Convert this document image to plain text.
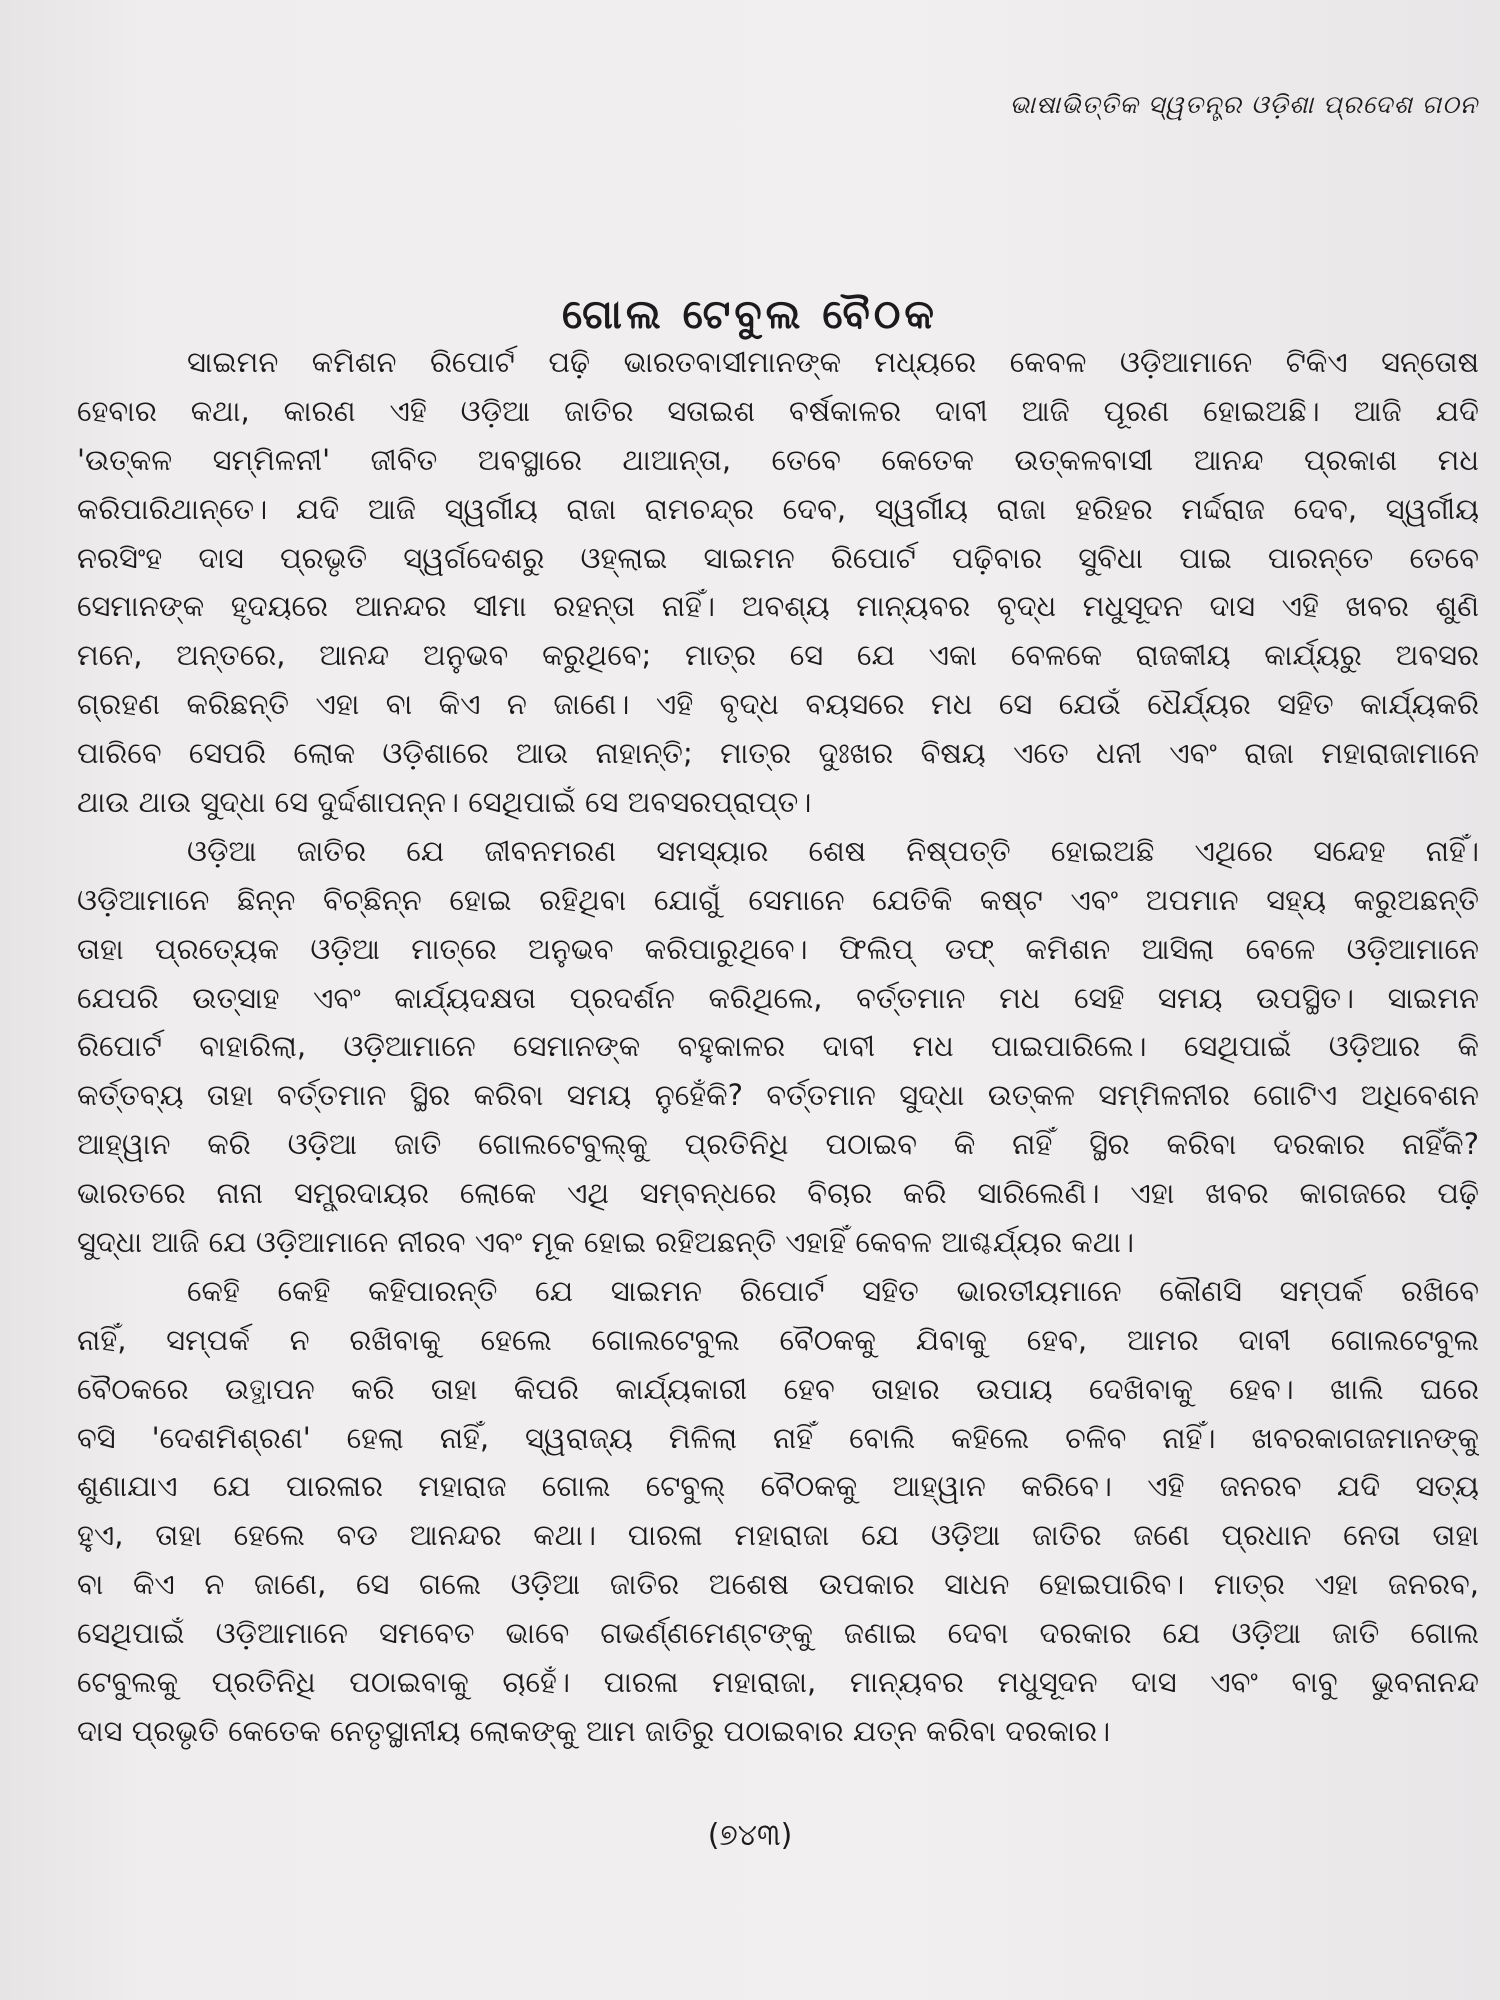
ଭାଷାଭିତ୍ତିକ ସ୍ୱତନ୍ତ୍ର ଓଡ଼ିଶା ପ୍ରଦେଶ ଗଠନ
ଗୋଲ ଟେବୁଲ ବୈଠକ
ସାଇମନ କମିଶନ ରିପୋର୍ଟ ପଢ଼ି ଭାରତବାସୀମାନଙ୍କ ମଧ୍ୟରେ କେବଳ ଓଡ଼ିଆମାନେ ଟିକିଏ ସନ୍ତୋଷ
ହେବାର କଥା, କାରଣ ଏହି ଓଡ଼ିଆ ଜାତିର ସତାଇଶ ବର୍ଷକାଳର ଦାବୀ ଆଜି ପୂରଣ ହୋଇଅଛି। ଆଜି ଯଦି
'ଉତ୍କଳ ସମ୍ମିଳନୀ' ଜୀବିତ ଅବସ୍ଥାରେ ଥାଆନ୍ତା, ତେବେ କେତେକ ଉତ୍କଳବାସୀ ଆନନ୍ଦ ପ୍ରକାଶ ମଧ
କରିପାରିଥାନ୍ତେ। ଯଦି ଆଜି ସ୍ୱର୍ଗୀୟ ରାଜା ରାମଚନ୍ଦ୍ର ଦେବ, ସ୍ୱର୍ଗୀୟ ରାଜା ହରିହର ମର୍ଦ୍ଦରାଜ ଦେବ, ସ୍ୱର୍ଗୀୟ
ନରସିଂହ ଦାସ ପ୍ରଭୃତି ସ୍ୱର୍ଗଦେଶରୁ ଓହ୍ଲାଇ ସାଇମନ ରିପୋର୍ଟ ପଢ଼ିବାର ସୁବିଧା ପାଇ ପାରନ୍ତେ ତେବେ
ସେମାନଙ୍କ ହୃଦୟରେ ଆନନ୍ଦର ସୀମା ରହନ୍ତା ନାହିଁ। ଅବଶ୍ୟ ମାନ୍ୟବର ବୃଦ୍ଧ ମଧୁସୂଦନ ଦାସ ଏହି ଖବର ଶୁଣି
ମନେ, ଅନ୍ତରେ, ଆନନ୍ଦ ଅନୁଭବ କରୁଥିବେ; ମାତ୍ର ସେ ଯେ ଏକା ବେଳକେ ରାଜକୀୟ କାର୍ଯ୍ୟରୁ ଅବସର
ଗ୍ରହଣ କରିଛନ୍ତି ଏହା ବା କିଏ ନ ଜାଣେ। ଏହି ବୃଦ୍ଧ ବୟସରେ ମଧ ସେ ଯେଉଁ ଧୈର୍ଯ୍ୟର ସହିତ କାର୍ଯ୍ୟକରି
ପାରିବେ ସେପରି ଲୋକ ଓଡ଼ିଶାରେ ଆଉ ନାହାନ୍ତି; ମାତ୍ର ଦୁଃଖର ବିଷୟ ଏତେ ଧନୀ ଏବଂ ରାଜା ମହାରାଜାମାନେ
ଥାଉ ଥାଉ ସୁଦ୍ଧା ସେ ଦୁର୍ଦ୍ଦଶାପନ୍ନ। ସେଥିପାଇଁ ସେ ଅବସରପ୍ରାପ୍ତ।
ଓଡ଼ିଆ ଜାତିର ଯେ ଜୀବନମରଣ ସମସ୍ୟାର ଶେଷ ନିଷ୍ପତ୍ତି ହୋଇଅଛି ଏଥିରେ ସନ୍ଦେହ ନାହିଁ।
ଓଡ଼ିଆମାନେ ଛିନ୍ନ ବିଚ୍ଛିନ୍ନ ହୋଇ ରହିଥିବା ଯୋଗୁଁ ସେମାନେ ଯେତିକି କଷ୍ଟ ଏବଂ ଅପମାନ ସହ୍ୟ କରୁଅଛନ୍ତି
ତାହା ପ୍ରତ୍ୟେକ ଓଡ଼ିଆ ମାତ୍ରେ ଅନୁଭବ କରିପାରୁଥିବେ। ଫିଲିପ୍ ଡଫ୍ କମିଶନ ଆସିଲା ବେଳେ ଓଡ଼ିଆମାନେ
ଯେପରି ଉତ୍ସାହ ଏବଂ କାର୍ଯ୍ୟଦକ୍ଷତା ପ୍ରଦର୍ଶନ କରିଥିଲେ, ବର୍ତ୍ତମାନ ମଧ ସେହି ସମୟ ଉପସ୍ଥିତ। ସାଇମନ
ରିପୋର୍ଟ ବାହାରିଲା, ଓଡ଼ିଆମାନେ ସେମାନଙ୍କ ବହୁକାଳର ଦାବୀ ମଧ ପାଇପାରିଲେ। ସେଥିପାଇଁ ଓଡ଼ିଆର କି
କର୍ତ୍ତବ୍ୟ ତାହା ବର୍ତ୍ତମାନ ସ୍ଥିର କରିବା ସମୟ ନୁହେଁକି? ବର୍ତ୍ତମାନ ସୁଦ୍ଧା ଉତ୍କଳ ସମ୍ମିଳନୀର ଗୋଟିଏ ଅଧିବେଶନ
ଆହ୍ୱାନ କରି ଓଡ଼ିଆ ଜାତି ଗୋଲଟେବୁଲ୍‌କୁ ପ୍ରତିନିଧି ପଠାଇବ କି ନାହିଁ ସ୍ଥିର କରିବା ଦରକାର ନାହିଁକି?
ଭାରତରେ ନାନା ସମ୍ପ୍ରଦାୟର ଲୋକେ ଏଥି ସମ୍ବନ୍ଧରେ ବିଚାର କରି ସାରିଲେଣି। ଏହା ଖବର କାଗଜରେ ପଢ଼ି
ସୁଦ୍ଧା ଆଜି ଯେ ଓଡ଼ିଆମାନେ ନୀରବ ଏବଂ ମୂକ ହୋଇ ରହିଅଛନ୍ତି ଏହାହିଁ କେବଳ ଆଶ୍ଚର୍ଯ୍ୟର କଥା।
କେହି କେହି କହିପାରନ୍ତି ଯେ ସାଇମନ ରିପୋର୍ଟ ସହିତ ଭାରତୀୟମାନେ କୌଣସି ସମ୍ପର୍କ ରଖିବେ
ନାହିଁ, ସମ୍ପର୍କ ନ ରଖିବାକୁ ହେଲେ ଗୋଲଟେବୁଲ ବୈଠକକୁ ଯିବାକୁ ହେବ, ଆମର ଦାବୀ ଗୋଲଟେବୁଲ
ବୈଠକରେ ଉତ୍ଥାପନ କରି ତାହା କିପରି କାର୍ଯ୍ୟକାରୀ ହେବ ତାହାର ଉପାୟ ଦେଖିବାକୁ ହେବ। ଖାଲି ଘରେ
ବସି 'ଦେଶମିଶ୍ରଣ' ହେଲା ନାହିଁ, ସ୍ୱରାଜ୍ୟ ମିଳିଲା ନାହିଁ ବୋଲି କହିଲେ ଚଳିବ ନାହିଁ। ଖବରକାଗଜମାନଙ୍କୁ
ଶୁଣାଯାଏ ଯେ ପାରଳାର ମହାରାଜ ଗୋଲ ଟେବୁଲ୍ ବୈଠକକୁ ଆହ୍ୱାନ କରିବେ। ଏହି ଜନରବ ଯଦି ସତ୍ୟ
ହୁଏ, ତାହା ହେଲେ ବଡ ଆନନ୍ଦର କଥା। ପାରଳା ମହାରାଜା ଯେ ଓଡ଼ିଆ ଜାତିର ଜଣେ ପ୍ରଧାନ ନେତା ତାହା
ବା କିଏ ନ ଜାଣେ, ସେ ଗଲେ ଓଡ଼ିଆ ଜାତିର ଅଶେଷ ଉପକାର ସାଧନ ହୋଇପାରିବ। ମାତ୍ର ଏହା ଜନରବ,
ସେଥିପାଇଁ ଓଡ଼ିଆମାନେ ସମବେତ ଭାବେ ଗଭର୍ଣ୍ଣମେଣ୍ଟଙ୍କୁ ଜଣାଇ ଦେବା ଦରକାର ଯେ ଓଡ଼ିଆ ଜାତି ଗୋଲ
ଟେବୁଲକୁ ପ୍ରତିନିଧି ପଠାଇବାକୁ ଚାହେଁ। ପାରଳା ମହାରାଜା, ମାନ୍ୟବର ମଧୁସୂଦନ ଦାସ ଏବଂ ବାବୁ ଭୁବନାନନ୍ଦ
ଦାସ ପ୍ରଭୃତି କେତେକ ନେତୃସ୍ଥାନୀୟ ଲୋକଙ୍କୁ ଆମ ଜାତିରୁ ପଠାଇବାର ଯତ୍ନ କରିବା ଦରକାର।
(୭୪୩)
